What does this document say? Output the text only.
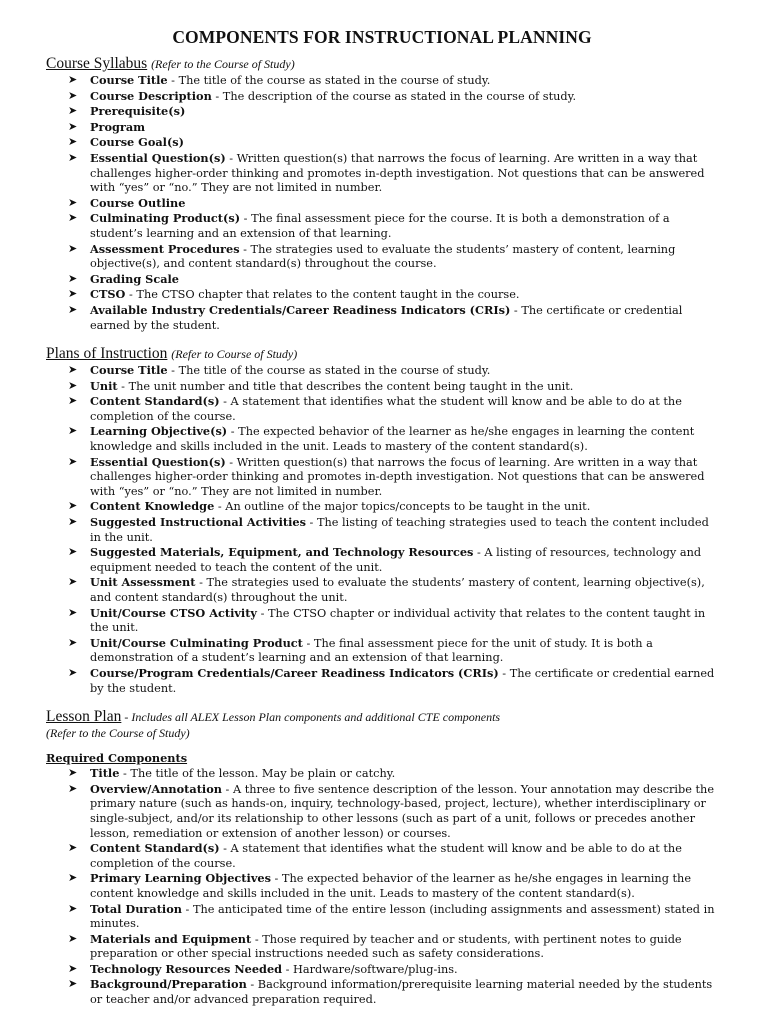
COMPONENTS FOR INSTRUCTIONAL PLANNING
Course Syllabus (Refer to the Course of Study)
➤ Course Title - The title of the course as stated in the course of study.
➤ Course Description - The description of the course as stated in the course of study.
➤ Prerequisite(s)
➤ Program
➤ Course Goal(s)
➤ Essential Question(s) - Written question(s) that narrows the focus of learning. Are written in a way that challenges higher-order thinking and promotes in-depth investigation. Not questions that can be answered with “yes” or “no.” They are not limited in number.
➤ Course Outline
➤ Culminating Product(s) - The final assessment piece for the course. It is both a demonstration of a student’s learning and an extension of that learning.
➤ Assessment Procedures - The strategies used to evaluate the students’ mastery of content, learning objective(s), and content standard(s) throughout the course.
➤ Grading Scale
➤ CTSO - The CTSO chapter that relates to the content taught in the course.
➤ Available Industry Credentials/Career Readiness Indicators (CRIs) - The certificate or credential earned by the student.
Plans of Instruction (Refer to Course of Study)
➤ Course Title - The title of the course as stated in the course of study.
➤ Unit - The unit number and title that describes the content being taught in the unit.
➤ Content Standard(s) - A statement that identifies what the student will know and be able to do at the completion of the course.
➤ Learning Objective(s) - The expected behavior of the learner as he/she engages in learning the content knowledge and skills included in the unit. Leads to mastery of the content standard(s).
➤ Essential Question(s) - Written question(s) that narrows the focus of learning. Are written in a way that challenges higher-order thinking and promotes in-depth investigation. Not questions that can be answered with “yes” or “no.” They are not limited in number.
➤ Content Knowledge - An outline of the major topics/concepts to be taught in the unit.
➤ Suggested Instructional Activities - The listing of teaching strategies used to teach the content included in the unit.
➤ Suggested Materials, Equipment, and Technology Resources - A listing of resources, technology and equipment needed to teach the content of the unit.
➤ Unit Assessment - The strategies used to evaluate the students’ mastery of content, learning objective(s), and content standard(s) throughout the unit.
➤ Unit/Course CTSO Activity - The CTSO chapter or individual activity that relates to the content taught in the unit.
➤ Unit/Course Culminating Product - The final assessment piece for the unit of study. It is both a demonstration of a student’s learning and an extension of that learning.
➤ Course/Program Credentials/Career Readiness Indicators (CRIs) - The certificate or credential earned by the student.
Lesson Plan - Includes all ALEX Lesson Plan components and additional CTE components
(Refer to the Course of Study)
Required Components
➤ Title - The title of the lesson. May be plain or catchy.
➤ Overview/Annotation - A three to five sentence description of the lesson. Your annotation may describe the primary nature (such as hands-on, inquiry, technology-based, project, lecture), whether interdisciplinary or single-subject, and/or its relationship to other lessons (such as part of a unit, follows or precedes another lesson, remediation or extension of another lesson) or courses.
➤ Content Standard(s) - A statement that identifies what the student will know and be able to do at the completion of the course.
➤ Primary Learning Objectives - The expected behavior of the learner as he/she engages in learning the content knowledge and skills included in the unit. Leads to mastery of the content standard(s).
➤ Total Duration - The anticipated time of the entire lesson (including assignments and assessment) stated in minutes.
➤ Materials and Equipment - Those required by teacher and or students, with pertinent notes to guide preparation or other special instructions needed such as safety considerations.
➤ Technology Resources Needed - Hardware/software/plug-ins.
➤ Background/Preparation - Background information/prerequisite learning material needed by the students or teacher and/or advanced preparation required.
